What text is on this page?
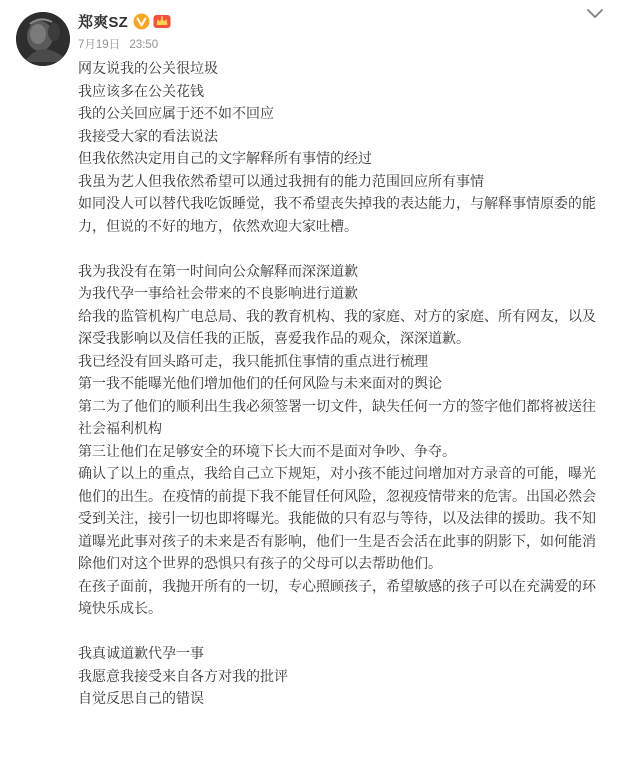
郑爽SZ
7月19日 23:50

网友说我的公关很垃圾

我应该多在公关花钱

我的公关回应属于还不如不回应

我接受大家的看法说法

但我依然决定用自己的文字解释所有事情的经过

我虽为艺人但我依然希望可以通过我拥有的能力范围回应所有事情

如同没人可以替代我吃饭睡觉，我不希望丧失掉我的表达能力，与解释事情原委的能力，但说的不好的地方，依然欢迎大家吐槽。

我为我没有在第一时间向公众解释而深深道歉

为我代孕一事给社会带来的不良影响进行道歉

给我的监管机构广电总局、我的教育机构、我的家庭、对方的家庭、所有网友，以及深受我影响以及信任我的正版，喜爱我作品的观众，深深道歉。

我已经没有回头路可走，我只能抓住事情的重点进行梳理

第一我不能曝光他们增加他们的任何风险与未来面对的舆论

第二为了他们的顺利出生我必须签署一切文件，缺失任何一方的签字他们都将被送往社会福利机构

第三让他们在足够安全的环境下长大而不是面对争吵、争夺。

确认了以上的重点，我给自己立下规矩，对小孩不能过问增加对方录音的可能，曝光他们的出生。在疫情的前提下我不能冒任何风险，忽视疫情带来的危害。出国必然会受到关注，接引一切也即将曝光。我能做的只有忍与等待，以及法律的援助。我不知道曝光此事对孩子的未来是否有影响，他们一生是否会活在此事的阴影下，如何能消除他们对这个世界的恐惧只有孩子的父母可以去帮助他们。

在孩子面前，我抛开所有的一切，专心照顾孩子，希望敏感的孩子可以在充满爱的环境快乐成长。

我真诚道歉代孕一事

我愿意我接受来自各方对我的批评

自觉反思自己的错误
